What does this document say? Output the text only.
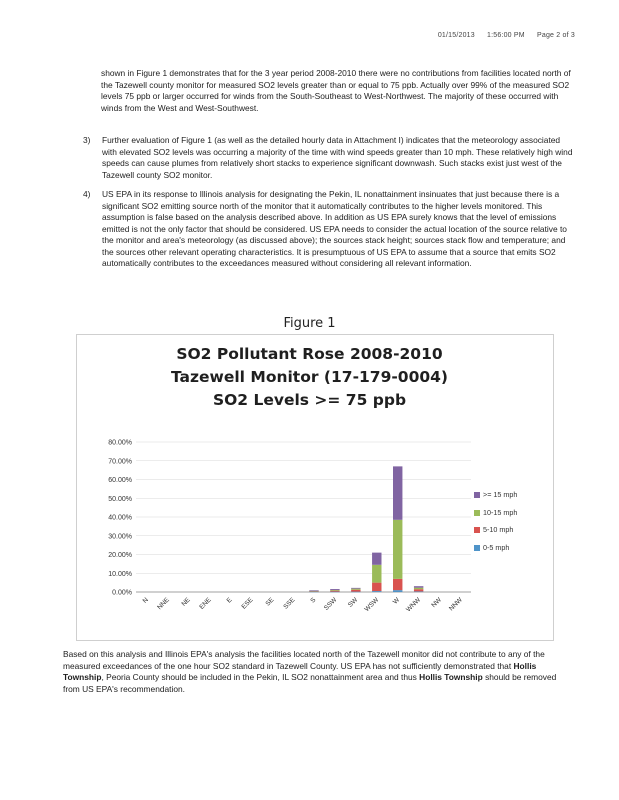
01/15/2013 1:56:00 PM Page 2 of 3

shown in Figure 1 demonstrates that for the 3 year period 2008-2010 there were no contributions from facilities located north of the Tazewell county monitor for measured SO2 levels greater than or equal to 75 ppb. Actually over 99% of the measured SO2 levels 75 ppb or larger occurred for winds from the South-Southeast to West-Northwest. The majority of these occurred with winds from the West and West-Southwest.

3) Further evaluation of Figure 1 (as well as the detailed hourly data in Attachment I) indicates that the meteorology associated with elevated SO2 levels was occurring a majority of the time with wind speeds greater than 10 mph. These relatively high wind speeds can cause plumes from relatively short stacks to experience significant downwash. Such stacks exist just west of the Tazewell county SO2 monitor.

4) US EPA in its response to Illinois analysis for designating the Pekin, IL nonattainment insinuates that just because there is a significant SO2 emitting source north of the monitor that it automatically contributes to the higher levels monitored. This assumption is false based on the analysis described above. In addition as US EPA surely knows that the level of emissions emitted is not the only factor that should be considered. US EPA needs to consider the actual location of the source relative to the monitor and area's meteorology (as discussed above); the sources stack height; sources stack flow and temperature; and the sources other relevant operating characteristics. It is presumptuous of US EPA to assume that a source that emits SO2 automatically contributes to the exceedances measured without considering all relevant information.

Figure 1
SO2 Pollutant Rose 2008-2010
Tazewell Monitor (17-179-0004)
SO2 Levels >= 75 ppb
0.00%
10.00%
20.00%
30.00%
40.00%
50.00%
60.00%
70.00%
80.00%
N NNE NE ENE E ESE SE SSE S SSW SW WSW W WNW NW NNW
>= 15 mph
10-15 mph
5-10 mph
0-5 mph

Based on this analysis and Illinois EPA's analysis the facilities located north of the Tazewell monitor did not contribute to any of the measured exceedances of the one hour SO2 standard in Tazewell County. US EPA has not sufficiently demonstrated that Hollis Township, Peoria County should be included in the Pekin, IL SO2 nonattainment area and thus Hollis Township should be removed from US EPA's recommendation.
